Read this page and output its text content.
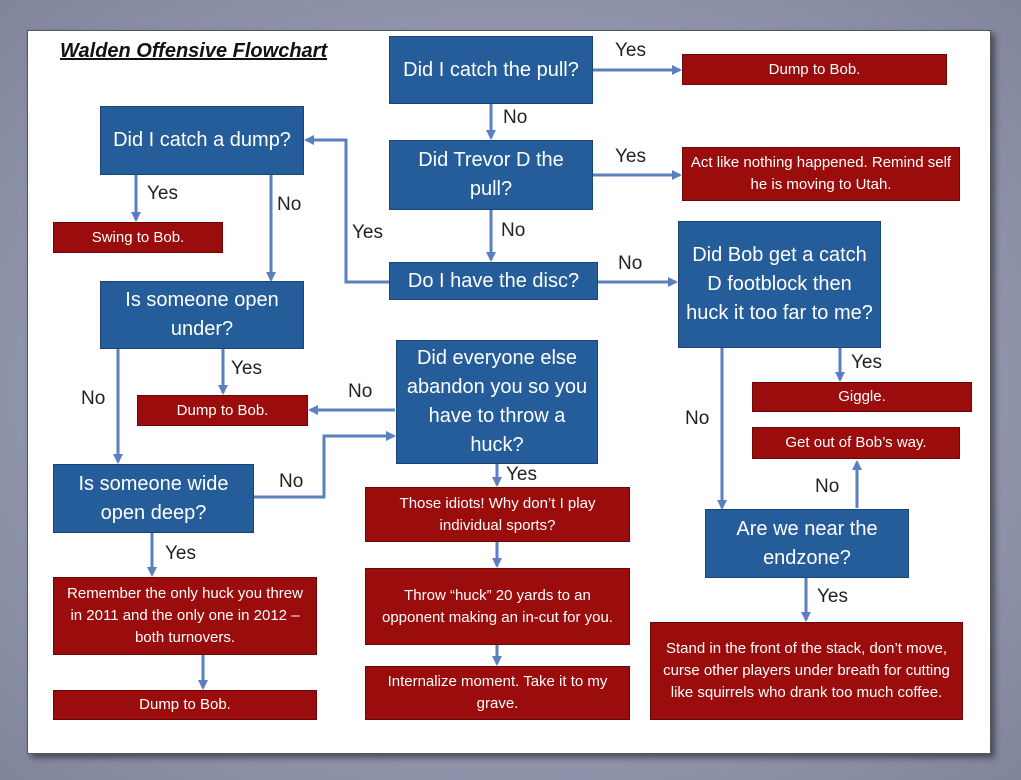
Walden Offensive Flowchart
Did I catch the pull?
Did Trevor D the pull?
Did I catch a dump?
Do I have the disc?
Did Bob get a catch D footblock then huck it too far to me?
Is someone open under?
Did everyone else abandon you so you have to throw a huck?
Is someone wide open deep?
Are we near the endzone?
Dump to Bob.
Act like nothing happened. Remind self he is moving to Utah.
Swing to Bob.
Dump to Bob.
Giggle.
Get out of Bob’s way.
Those idiots! Why don’t I play individual sports?
Throw “huck” 20 yards to an opponent making an in-cut for you.
Remember the only huck you threw in 2011 and the only one in 2012 – both turnovers.
Stand in the front of the stack, don’t move, curse other players under breath for cutting like squirrels who drank too much coffee.
Internalize moment. Take it to my grave.
Dump to Bob.
Yes
No
Yes
No
Yes
No
Yes
No
Yes
No	No
Yes
Yes
No
No
Yes
No
Yes
